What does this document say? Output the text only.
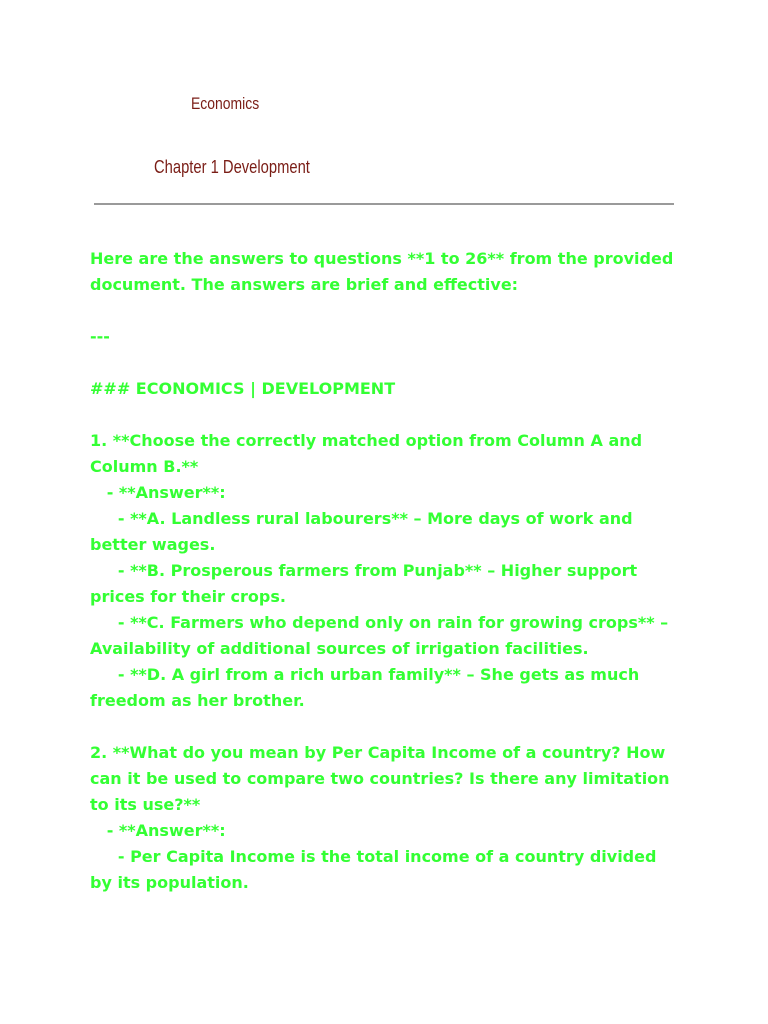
Economics
Chapter 1 Development
Here are the answers to questions **1 to 26** from the provided
document. The answers are brief and effective:
---
### ECONOMICS | DEVELOPMENT
1. **Choose the correctly matched option from Column A and
Column B.**
- **Answer**:
- **A. Landless rural labourers** – More days of work and
better wages.
- **B. Prosperous farmers from Punjab** – Higher support
prices for their crops.
- **C. Farmers who depend only on rain for growing crops** –
Availability of additional sources of irrigation facilities.
- **D. A girl from a rich urban family** – She gets as much
freedom as her brother.
2. **What do you mean by Per Capita Income of a country? How
can it be used to compare two countries? Is there any limitation
to its use?**
- **Answer**:
- Per Capita Income is the total income of a country divided
by its population.
